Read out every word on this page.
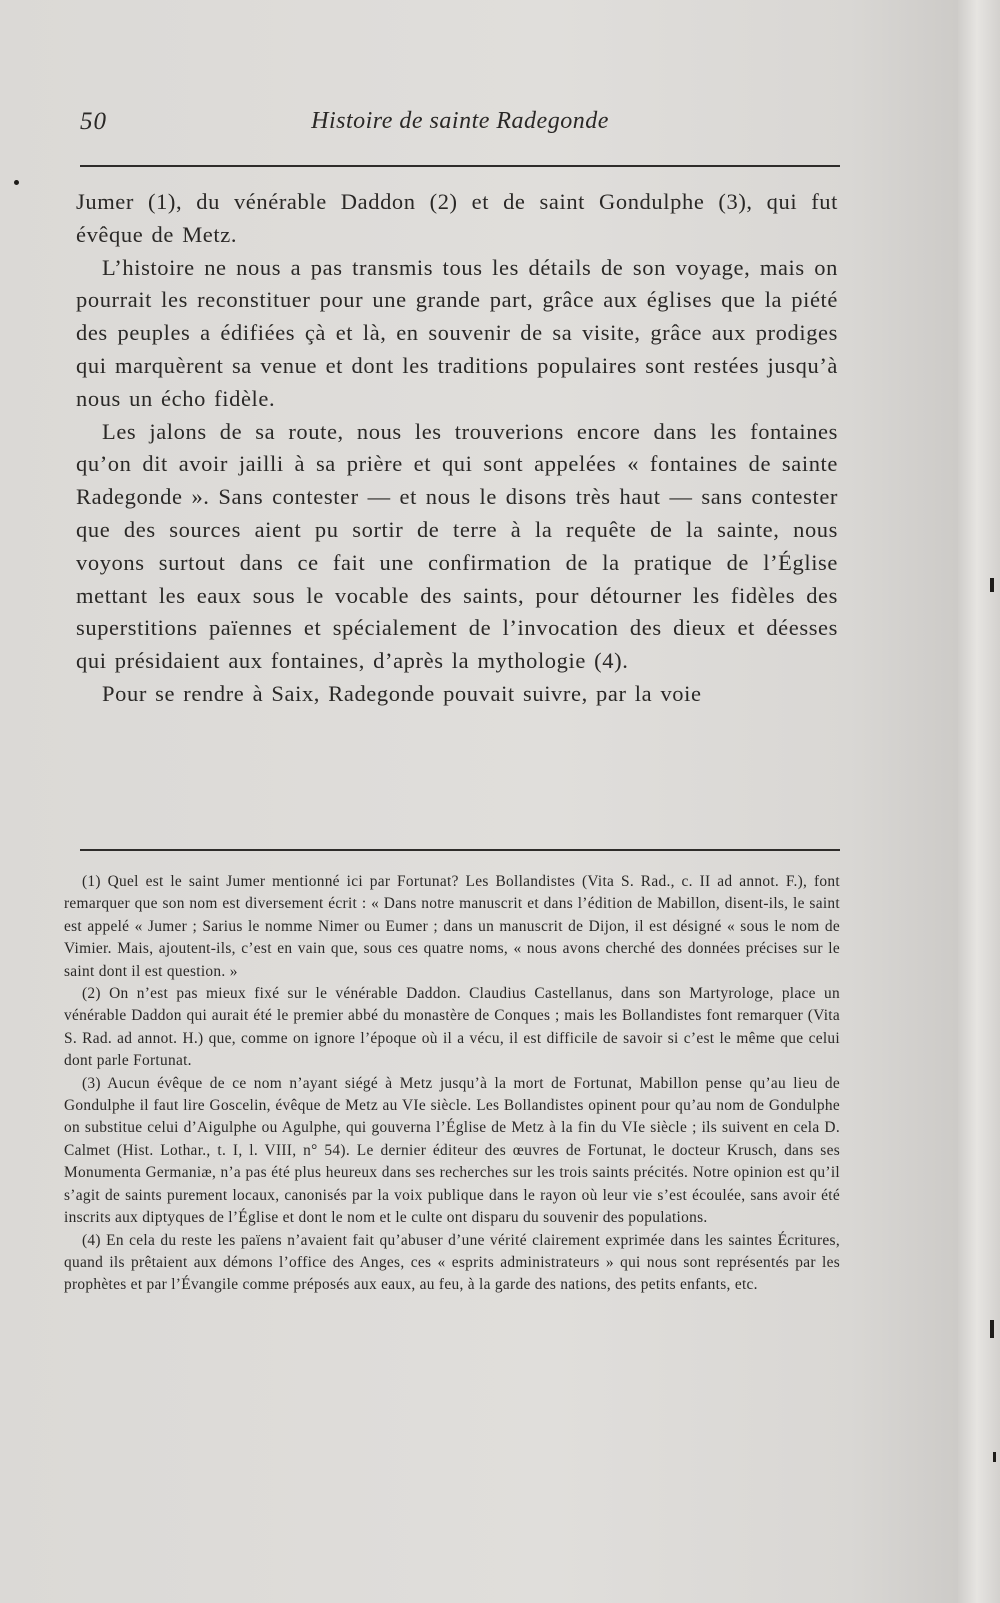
50	Histoire de sainte Radegonde

Jumer (1), du vénérable Daddon (2) et de saint Gondulphe (3), qui fut évêque de Metz.

L’histoire ne nous a pas transmis tous les détails de son voyage, mais on pourrait les reconstituer pour une grande part, grâce aux églises que la piété des peuples a édifiées çà et là, en souvenir de sa visite, grâce aux prodiges qui marquèrent sa venue et dont les traditions populaires sont restées jusqu’à nous un écho fidèle.

Les jalons de sa route, nous les trouverions encore dans les fontaines qu’on dit avoir jailli à sa prière et qui sont appelées « fontaines de sainte Radegonde ». Sans contester — et nous le disons très haut — sans contester que des sources aient pu sortir de terre à la requête de la sainte, nous voyons surtout dans ce fait une confirmation de la pratique de l’Église mettant les eaux sous le vocable des saints, pour détourner les fidèles des superstitions païennes et spécialement de l’invocation des dieux et déesses qui présidaient aux fontaines, d’après la mythologie (4).

Pour se rendre à Saix, Radegonde pouvait suivre, par la voie

(1) Quel est le saint Jumer mentionné ici par Fortunat? Les Bollandistes (Vita S. Rad., c. II ad annot. F.), font remarquer que son nom est diversement écrit : « Dans notre manuscrit et dans l’édition de Mabillon, disent-ils, le saint est appelé « Jumer ; Sarius le nomme Nimer ou Eumer ; dans un manuscrit de Dijon, il est désigné « sous le nom de Vimier. Mais, ajoutent-ils, c’est en vain que, sous ces quatre noms, « nous avons cherché des données précises sur le saint dont il est question. »

(2) On n’est pas mieux fixé sur le vénérable Daddon. Claudius Castellanus, dans son Martyrologe, place un vénérable Daddon qui aurait été le premier abbé du monastère de Conques ; mais les Bollandistes font remarquer (Vita S. Rad. ad annot. H.) que, comme on ignore l’époque où il a vécu, il est difficile de savoir si c’est le même que celui dont parle Fortunat.

(3) Aucun évêque de ce nom n’ayant siégé à Metz jusqu’à la mort de Fortunat, Mabillon pense qu’au lieu de Gondulphe il faut lire Goscelin, évêque de Metz au VIe siècle. Les Bollandistes opinent pour qu’au nom de Gondulphe on substitue celui d’Aigulphe ou Agulphe, qui gouverna l’Église de Metz à la fin du VIe siècle ; ils suivent en cela D. Calmet (Hist. Lothar., t. I, l. VIII, n° 54). Le dernier éditeur des œuvres de Fortunat, le docteur Krusch, dans ses Monumenta Germaniæ, n’a pas été plus heureux dans ses recherches sur les trois saints précités. Notre opinion est qu’il s’agit de saints purement locaux, canonisés par la voix publique dans le rayon où leur vie s’est écoulée, sans avoir été inscrits aux diptyques de l’Église et dont le nom et le culte ont disparu du souvenir des populations.

(4) En cela du reste les païens n’avaient fait qu’abuser d’une vérité clairement exprimée dans les saintes Écritures, quand ils prêtaient aux démons l’office des Anges, ces « esprits administrateurs » qui nous sont représentés par les prophètes et par l’Évangile comme préposés aux eaux, au feu, à la garde des nations, des petits enfants, etc.
